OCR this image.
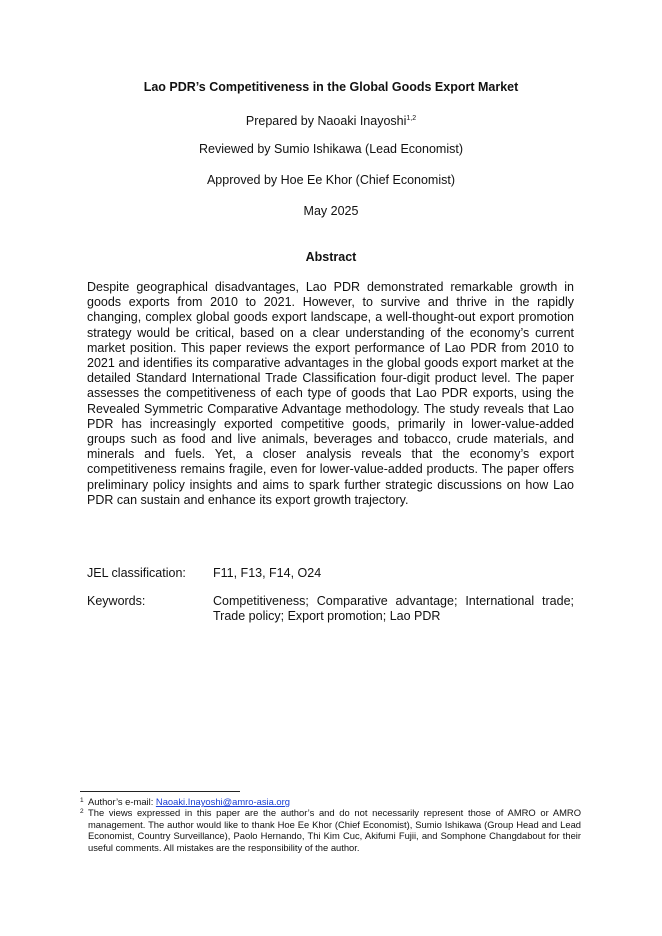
Lao PDR’s Competitiveness in the Global Goods Export Market
Prepared by Naoaki Inayoshi$^{1,2}$
Reviewed by Sumio Ishikawa (Lead Economist)
Approved by Hoe Ee Khor (Chief Economist)
May 2025
Abstract
Despite geographical disadvantages, Lao PDR demonstrated remarkable growth in goods exports from 2010 to 2021. However, to survive and thrive in the rapidly changing, complex global goods export landscape, a well-thought-out export promotion strategy would be critical, based on a clear understanding of the economy’s current market position. This paper reviews the export performance of Lao PDR from 2010 to 2021 and identifies its comparative advantages in the global goods export market at the detailed Standard International Trade Classification four-digit product level. The paper assesses the competitiveness of each type of goods that Lao PDR exports, using the Revealed Symmetric Comparative Advantage methodology. The study reveals that Lao PDR has increasingly exported competitive goods, primarily in lower-value-added groups such as food and live animals, beverages and tobacco, crude materials, and minerals and fuels. Yet, a closer analysis reveals that the economy’s export competitiveness remains fragile, even for lower-value-added products. The paper offers preliminary policy insights and aims to spark further strategic discussions on how Lao PDR can sustain and enhance its export growth trajectory.
JEL classification: F11, F13, F14, O24
Keywords:	Competitiveness; Comparative advantage; International trade; Trade policy; Export promotion; Lao PDR
1 Author’s e-mail: Naoaki.Inayoshi@amro-asia.org
2 The views expressed in this paper are the author’s and do not necessarily represent those of AMRO or AMRO management. The author would like to thank Hoe Ee Khor (Chief Economist), Sumio Ishikawa (Group Head and Lead Economist, Country Surveillance), Paolo Hernando, Thi Kim Cuc, Akifumi Fujii, and Somphone Changdabout for their useful comments. All mistakes are the responsibility of the author.
